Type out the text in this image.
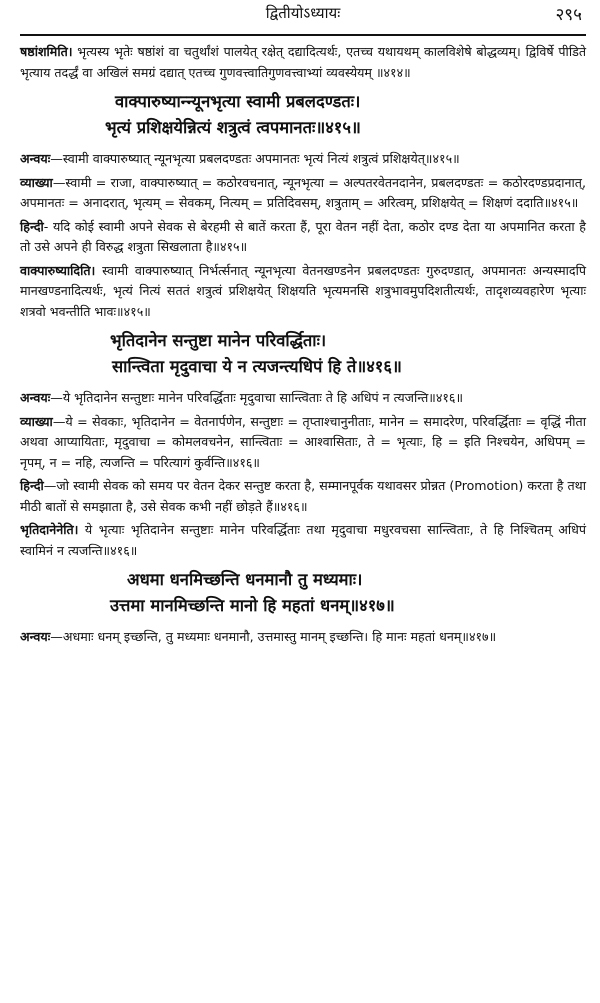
द्वितीयोऽध्यायः	२९५

षष्ठांशमिति। भृत्यस्य भृतेः षष्ठांशं वा चतुर्थांशं पालयेत् रक्षेत् दद्यादित्यर्थः, एतच्च यथायथम् कालविशेषे बोद्धव्यम्। द्विविर्षे पीडिते भृत्याय तदर्द्धं वा अखिलं समग्रं दद्यात् एतच्च गुणवत्त्वातिगुणवत्त्वाभ्यां व्यवस्येयम् ॥४१४॥

वाक्पारुष्यान्न्यूनभृत्या स्वामी प्रबलदण्डतः।
भृत्यं प्रशिक्षयेन्नित्यं शत्रुत्वं त्वपमानतः॥४१५॥

अन्वयः—स्वामी वाक्पारुष्यात् न्यूनभृत्या प्रबलदण्डतः अपमानतः भृत्यं नित्यं शत्रुत्वं प्रशिक्षयेत्॥४१५॥

व्याख्या—स्वामी = राजा, वाक्पारुष्यात् = कठोरवचनात्, न्यूनभृत्या = अल्पतरवेतनदानेन, प्रबलदण्डतः = कठोरदण्डप्रदानात्, अपमानतः = अनादरात्, भृत्यम् = सेवकम्, नित्यम् = प्रतिदिवसम्, शत्रुताम् = अरित्वम्, प्रशिक्षयेत् = शिक्षणं ददाति॥४१५॥

हिन्दी- यदि कोई स्वामी अपने सेवक से बेरहमी से बातें करता हैं, पूरा वेतन नहीं देता, कठोर दण्ड देता या अपमानित करता है तो उसे अपने ही विरुद्ध शत्रुता सिखलाता है॥४१५॥

वाक्पारुष्यादिति। स्वामी वाक्पारुष्यात् निर्भर्त्सनात् न्यूनभृत्या वेतनखण्डनेन प्रबलदण्डतः गुरुदण्डात्, अपमानतः अन्यस्मादपि मानखण्डनादित्यर्थः, भृत्यं नित्यं सततं शत्रुत्वं प्रशिक्षयेत् शिक्षयति भृत्यमनसि शत्रुभावमुपदिशतीत्यर्थः, तादृशव्यवहारेण भृत्याः शत्रवो भवन्तीति भावः॥४१५॥

भृतिदानेन सन्तुष्टा मानेन परिवर्द्धिताः।
सान्त्विता मृदुवाचा ये न त्यजन्त्यधिपं हि ते॥४१६॥

अन्वयः—ये भृतिदानेन सन्तुष्टाः मानेन परिवर्द्धिताः मृदुवाचा सान्त्विताः ते हि अधिपं न त्यजन्ति॥४१६॥

व्याख्या—ये = सेवकाः, भृतिदानेन = वेतनार्पणेन, सन्तुष्टाः = तृप्ताश्चानुनीताः, मानेन = समादरेण, परिवर्द्धिताः = वृद्धिं नीता अथवा आप्यायिताः, मृदुवाचा = कोमलवचनेन, सान्त्विताः = आश्वासिताः, ते = भृत्याः, हि = इति निश्चयेन, अधिपम् = नृपम्, न = नहि, त्यजन्ति = परित्यागं कुर्वन्ति॥४१६॥

हिन्दी—जो स्वामी सेवक को समय पर वेतन देकर सन्तुष्ट करता है, सम्मानपूर्वक यथावसर प्रोन्नत (Promotion) करता है तथा मीठी बातों से समझाता है, उसे सेवक कभी नहीं छोड़ते हैं॥४१६॥

भृतिदानेनेति। ये भृत्याः भृतिदानेन सन्तुष्टाः मानेन परिवर्द्धिताः तथा मृदुवाचा मधुरवचसा सान्त्विताः, ते हि निश्चितम् अधिपं स्वामिनं न त्यजन्ति॥४१६॥

अधमा धनमिच्छन्ति धनमानौ तु मध्यमाः।
उत्तमा मानमिच्छन्ति मानो हि महतां धनम्॥४१७॥

अन्वयः—अधमाः धनम् इच्छन्ति, तु मध्यमाः धनमानौ, उत्तमास्तु मानम् इच्छन्ति। हि मानः महतां धनम्॥४१७॥
